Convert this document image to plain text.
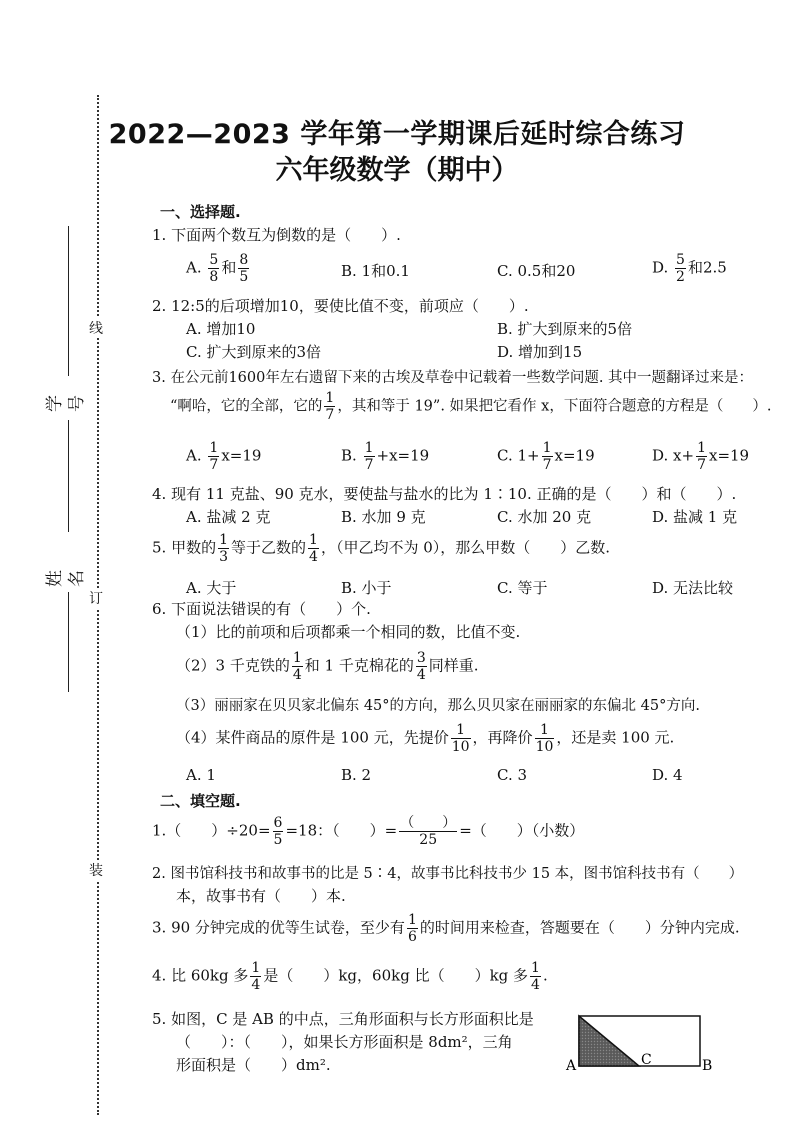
线
订
装
学号
姓名
2022—2023 学年第一学期课后延时综合练习
六年级数学（期中）
一、选择题.
1. 下面两个数互为倒数的是（　　）.
A. $\frac{5}{8}$ 和 $\frac{8}{5}$	B. 1和0.1	C. 0.5和20	D. $\frac{5}{2}$ 和2.5
2. 12:5的后项增加10，要使比值不变，前项应（　　）.
A. 增加10	B. 扩大到原来的5倍
C. 扩大到原来的3倍	D. 增加到15
3. 在公元前1600年左右遗留下来的古埃及草卷中记载着一些数学问题. 其中一题翻译过来是：
“啊哈，它的全部，它的 $\frac{1}{7}$ ，其和等于 19”. 如果把它看作 x，下面符合题意的方程是（　　）.
A. $\frac{1}{7} x=19$	B. $\frac{1}{7} +x=19$	C. $1+ \frac{1}{7} x=19$	D. $x+ \frac{1}{7} x=19$
4. 现有 11 克盐、90 克水，要使盐与盐水的比为 1∶10. 正确的是（　　）和（　　）.
A. 盐减 2 克	B. 水加 9 克	C. 水加 20 克	D. 盐减 1 克
5. 甲数的 $\frac{1}{3}$ 等于乙数的 $\frac{1}{4}$ ，（甲乙均不为 0），那么甲数（　　）乙数.
A. 大于	B. 小于	C. 等于	D. 无法比较
6. 下面说法错误的有（　　）个.
（1）比的前项和后项都乘一个相同的数，比值不变.
（2）3 千克铁的 $\frac{1}{4}$ 和 1 千克棉花的 $\frac{3}{4}$ 同样重.
（3）丽丽家在贝贝家北偏东 45°的方向，那么贝贝家在丽丽家的东偏北 45°方向.
（4）某件商品的原件是 100 元，先提价 $\frac{1}{10}$ ，再降价 $\frac{1}{10}$ ，还是卖 100 元.
A. 1	B. 2	C. 3	D. 4
二、填空题.
1.（　　）$\div 20= \frac{6}{5} =18$：（　　）= $\frac{( )}{25}$ =（　　）（小数）
2. 图书馆科技书和故事书的比是 5∶4，故事书比科技书少 15 本，图书馆科技书有（　　）
本，故事书有（　　）本.
3. 90 分钟完成的优等生试卷，至少有 $\frac{1}{6}$ 的时间用来检查，答题要在（　　）分钟内完成.
4. 比 60kg 多 $\frac{1}{4}$ 是（　　）kg，60kg 比（　　）kg 多 $\frac{1}{4}$ .
5. 如图，C 是 AB 的中点，三角形面积与长方形面积比是
（　　）：（　　），如果长方形面积是 8dm²，三角
形面积是（　　）dm².	A	C	B
